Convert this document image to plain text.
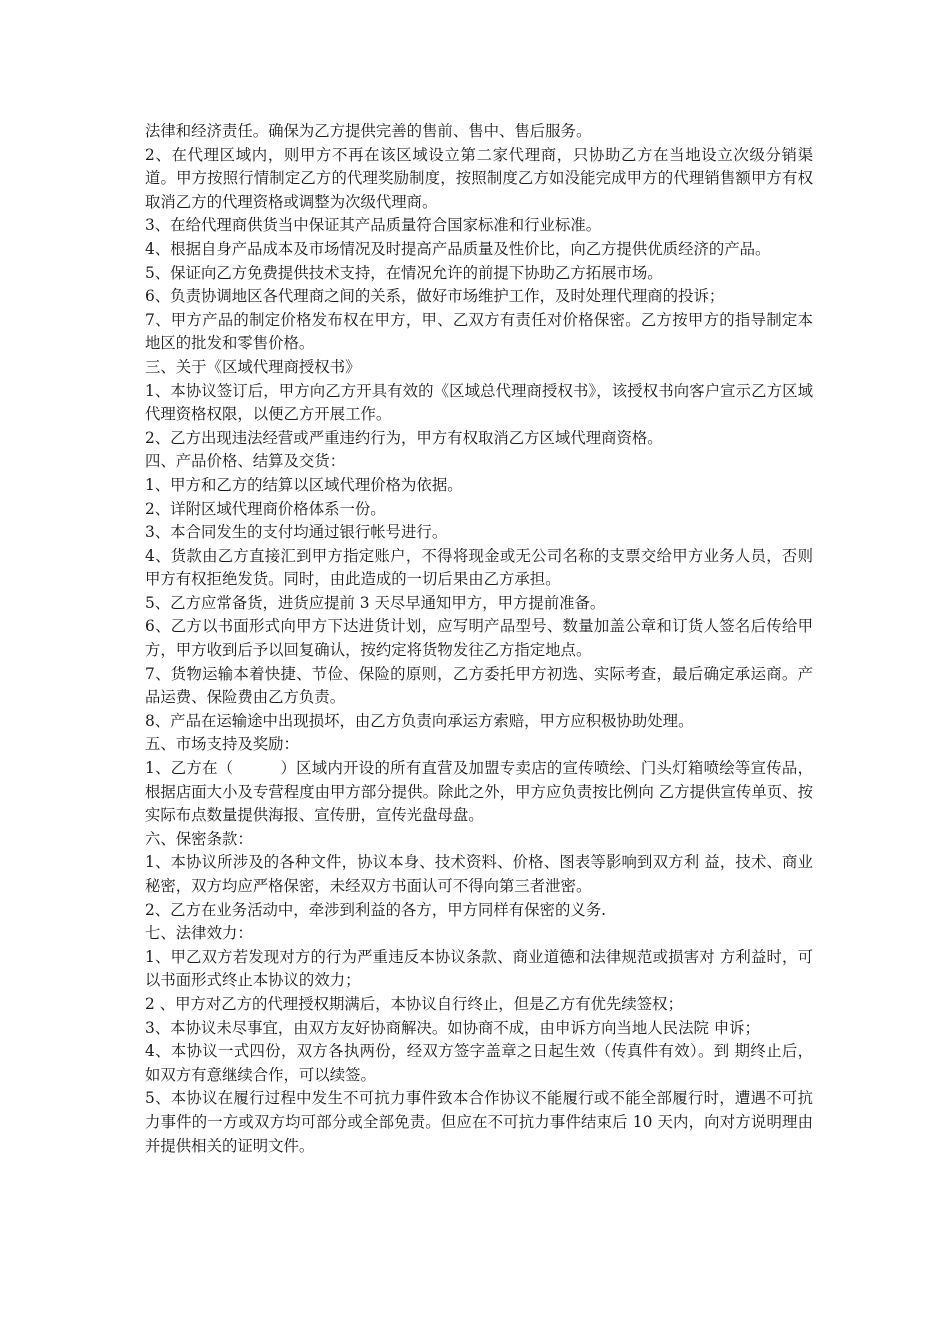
法律和经济责任。确保为乙方提供完善的售前、售中、售后服务。

2、在代理区域内，则甲方不再在该区域设立第二家代理商，只协助乙方在当地设立次级分销渠道。甲方按照行情制定乙方的代理奖励制度，按照制度乙方如没能完成甲方的代理销售额甲方有权取消乙方的代理资格或调整为次级代理商。

3、在给代理商供货当中保证其产品质量符合国家标准和行业标准。

4、根据自身产品成本及市场情况及时提高产品质量及性价比，向乙方提供优质经济的产品。

5、保证向乙方免费提供技术支持，在情况允许的前提下协助乙方拓展市场。

6、负责协调地区各代理商之间的关系，做好市场维护工作，及时处理代理商的投诉；

7、甲方产品的制定价格发布权在甲方，甲、乙双方有责任对价格保密。乙方按甲方的指导制定本地区的批发和零售价格。

三、关于《区域代理商授权书》

1、本协议签订后，甲方向乙方开具有效的《区域总代理商授权书》，该授权书向客户宣示乙方区域代理资格权限，以便乙方开展工作。

2、乙方出现违法经营或严重违约行为，甲方有权取消乙方区域代理商资格。

四、产品价格、结算及交货：

1、甲方和乙方的结算以区域代理价格为依据。

2、详附区域代理商价格体系一份。

3、本合同发生的支付均通过银行帐号进行。

4、货款由乙方直接汇到甲方指定账户，不得将现金或无公司名称的支票交给甲方业务人员，否则甲方有权拒绝发货。同时，由此造成的一切后果由乙方承担。

5、乙方应常备货，进货应提前 3 天尽早通知甲方，甲方提前准备。

6、乙方以书面形式向甲方下达进货计划，应写明产品型号、数量加盖公章和订货人签名后传给甲方，甲方收到后予以回复确认，按约定将货物发往乙方指定地点。

7、货物运输本着快捷、节俭、保险的原则，乙方委托甲方初选、实际考查，最后确定承运商。产品运费、保险费由乙方负责。

8、产品在运输途中出现损坏，由乙方负责向承运方索赔，甲方应积极协助处理。

五、市场支持及奖励：

1、乙方在（　　　）区域内开设的所有直营及加盟专卖店的宣传喷绘、门头灯箱喷绘等宣传品，根据店面大小及专营程度由甲方部分提供。除此之外，甲方应负责按比例向 乙方提供宣传单页、按实际布点数量提供海报、宣传册，宣传光盘母盘。

六、保密条款：

1、本协议所涉及的各种文件，协议本身、技术资料、价格、图表等影响到双方利 益，技术、商业秘密，双方均应严格保密，未经双方书面认可不得向第三者泄密。

2、乙方在业务活动中，牵涉到利益的各方，甲方同样有保密的义务.

七、法律效力：

1、甲乙双方若发现对方的行为严重违反本协议条款、商业道德和法律规范或损害对 方利益时，可以书面形式终止本协议的效力；

2 、甲方对乙方的代理授权期满后，本协议自行终止，但是乙方有优先续签权；

3、本协议未尽事宜，由双方友好协商解决。如协商不成，由申诉方向当地人民法院 申诉；

4、本协议一式四份，双方各执两份，经双方签字盖章之日起生效（传真件有效）。到 期终止后，如双方有意继续合作，可以续签。

5、本协议在履行过程中发生不可抗力事件致本合作协议不能履行或不能全部履行时，遭遇不可抗力事件的一方或双方均可部分或全部免责。但应在不可抗力事件结束后 10 天内，向对方说明理由并提供相关的证明文件。
